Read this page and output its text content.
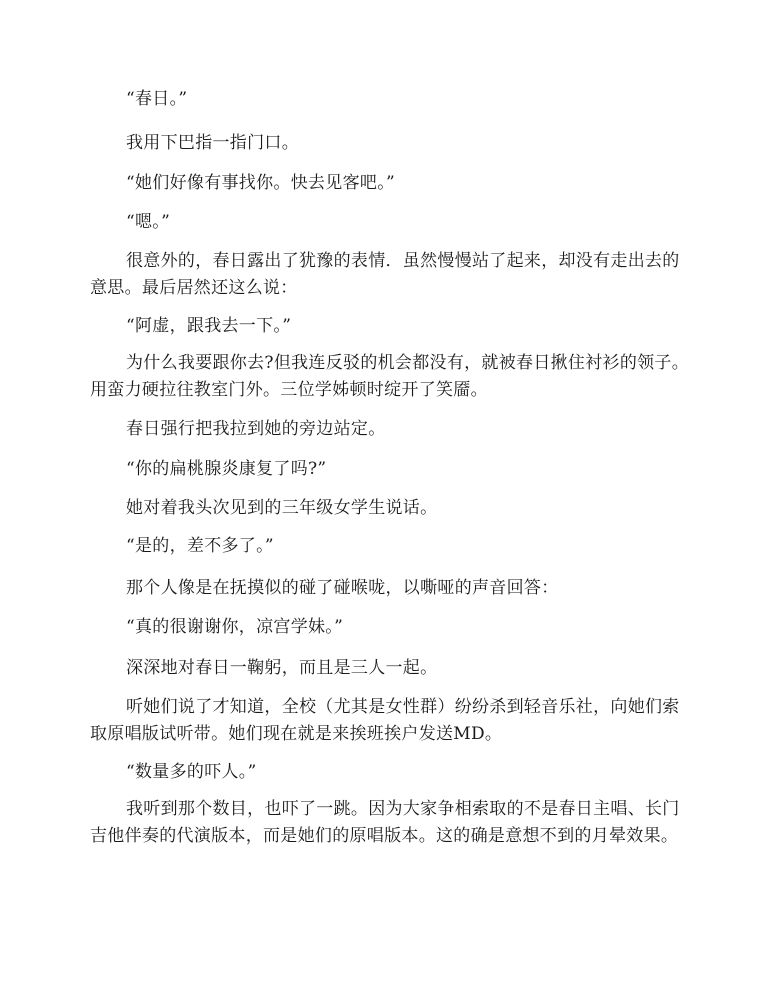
“春日。”

我用下巴指一指门口。

“她们好像有事找你。快去见客吧。”

“嗯。”

很意外的，春日露出了犹豫的表情．虽然慢慢站了起来，却没有走出去的意思。最后居然还这么说：

“阿虚，跟我去一下。”

为什么我要跟你去?但我连反驳的机会都没有，就被春日揪住衬衫的领子。用蛮力硬拉往教室门外。三位学姊顿时绽开了笑靥。

春日强行把我拉到她的旁边站定。

“你的扁桃腺炎康复了吗?”

她对着我头次见到的三年级女学生说话。

“是的，差不多了。”

那个人像是在抚摸似的碰了碰喉咙，以嘶哑的声音回答：

“真的很谢谢你，凉宫学妹。”

深深地对春日一鞠躬，而且是三人一起。

听她们说了才知道，全校（尤其是女性群）纷纷杀到轻音乐社，向她们索取原唱版试听带。她们现在就是来挨班挨户发送MD。

“数量多的吓人。”

我听到那个数目，也吓了一跳。因为大家争相索取的不是春日主唱、长门吉他伴奏的代演版本，而是她们的原唱版本。这的确是意想不到的月晕效果。
